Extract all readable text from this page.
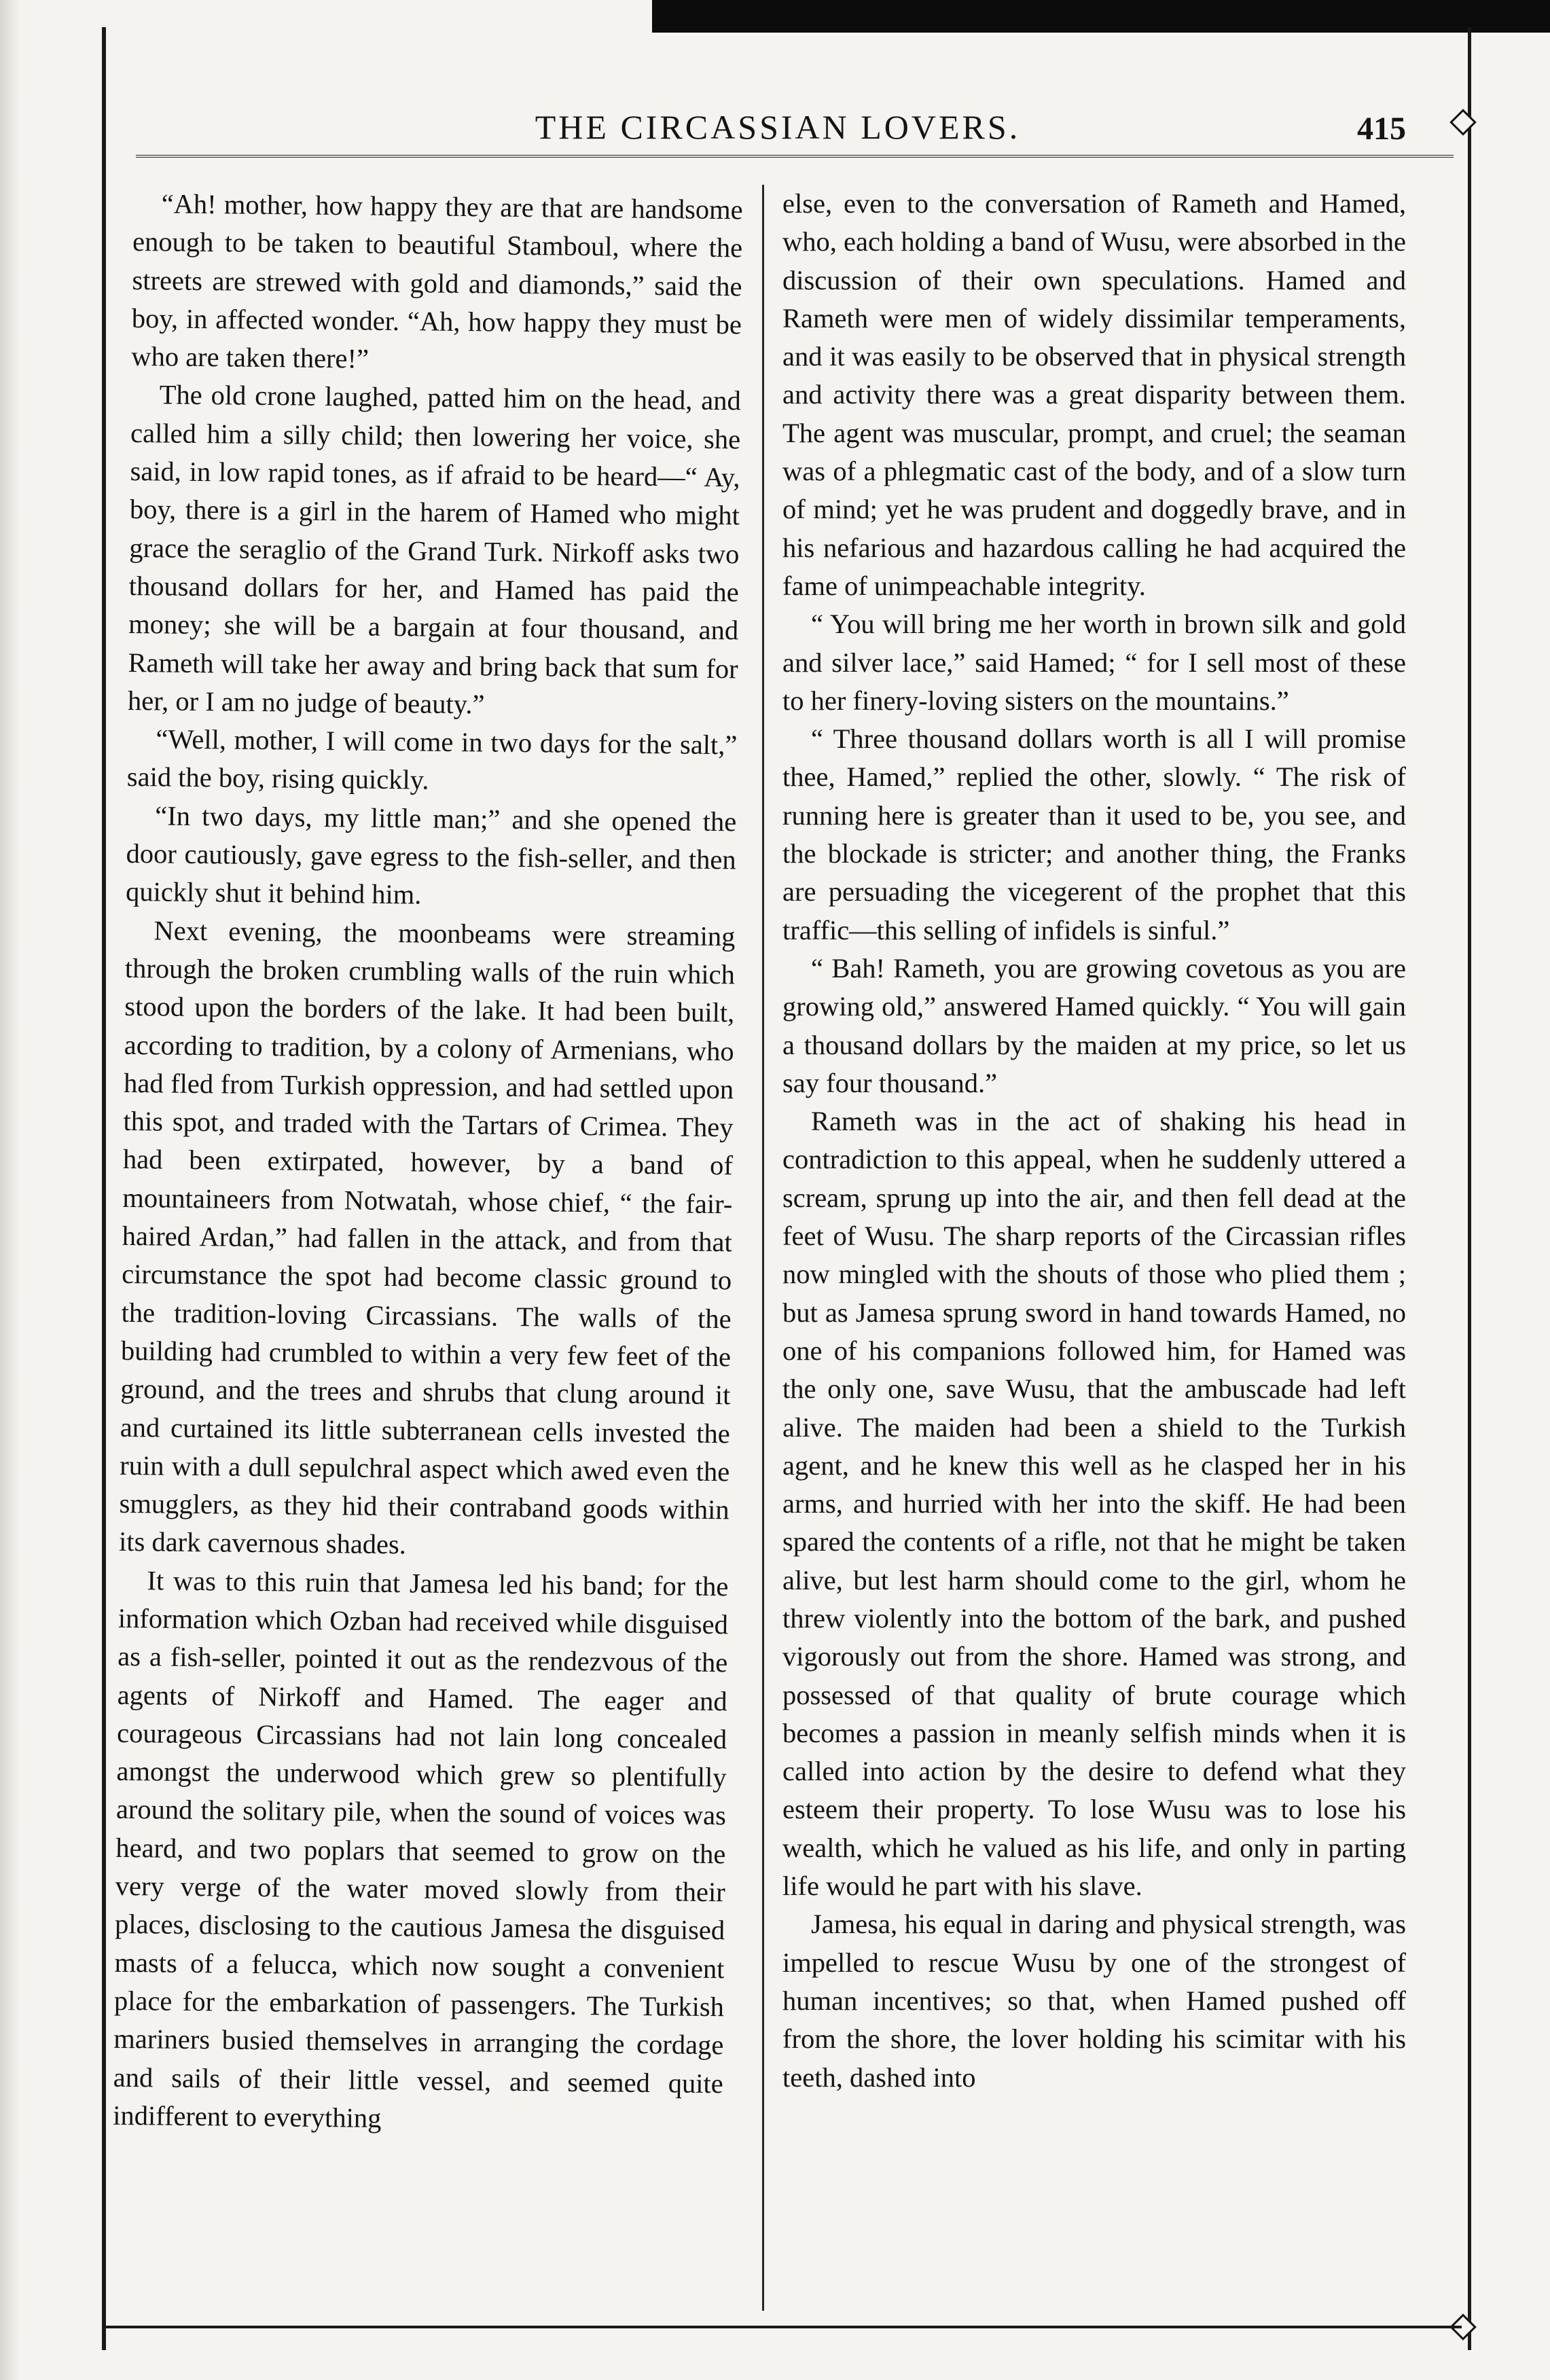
THE CIRCASSIAN LOVERS.	415

“Ah! mother, how happy they are that are handsome enough to be taken to beautiful Stamboul, where the streets are strewed with gold and diamonds,” said the boy, in affected wonder. “Ah, how happy they must be who are taken there!”

The old crone laughed, patted him on the head, and called him a silly child; then lowering her voice, she said, in low rapid tones, as if afraid to be heard—“ Ay, boy, there is a girl in the harem of Hamed who might grace the seraglio of the Grand Turk. Nirkoff asks two thousand dollars for her, and Hamed has paid the money; she will be a bargain at four thousand, and Rameth will take her away and bring back that sum for her, or I am no judge of beauty.”

“Well, mother, I will come in two days for the salt,” said the boy, rising quickly.

“In two days, my little man;” and she opened the door cautiously, gave egress to the fish-seller, and then quickly shut it behind him.

Next evening, the moonbeams were streaming through the broken crumbling walls of the ruin which stood upon the borders of the lake. It had been built, according to tradition, by a colony of Armenians, who had fled from Turkish oppression, and had settled upon this spot, and traded with the Tartars of Crimea. They had been extirpated, however, by a band of mountaineers from Notwatah, whose chief, “ the fair-haired Ardan,” had fallen in the attack, and from that circumstance the spot had become classic ground to the tradition-loving Circassians. The walls of the building had crumbled to within a very few feet of the ground, and the trees and shrubs that clung around it and curtained its little subterranean cells invested the ruin with a dull sepulchral aspect which awed even the smugglers, as they hid their contraband goods within its dark cavernous shades.

It was to this ruin that Jamesa led his band; for the information which Ozban had received while disguised as a fish-seller, pointed it out as the rendezvous of the agents of Nirkoff and Hamed. The eager and courageous Circassians had not lain long concealed amongst the underwood which grew so plentifully around the solitary pile, when the sound of voices was heard, and two poplars that seemed to grow on the very verge of the water moved slowly from their places, disclosing to the cautious Jamesa the disguised masts of a felucca, which now sought a convenient place for the embarkation of passengers. The Turkish mariners busied themselves in arranging the cordage and sails of their little vessel, and seemed quite indifferent to everything

else, even to the conversation of Rameth and Hamed, who, each holding a band of Wusu, were absorbed in the discussion of their own speculations. Hamed and Rameth were men of widely dissimilar temperaments, and it was easily to be observed that in physical strength and activity there was a great disparity between them. The agent was muscular, prompt, and cruel; the seaman was of a phlegmatic cast of the body, and of a slow turn of mind; yet he was prudent and doggedly brave, and in his nefarious and hazardous calling he had acquired the fame of unimpeachable integrity.

“ You will bring me her worth in brown silk and gold and silver lace,” said Hamed; “ for I sell most of these to her finery-loving sisters on the mountains.”

“ Three thousand dollars worth is all I will promise thee, Hamed,” replied the other, slowly. “ The risk of running here is greater than it used to be, you see, and the blockade is stricter; and another thing, the Franks are persuading the vicegerent of the prophet that this traffic—this selling of infidels is sinful.”

“ Bah! Rameth, you are growing covetous as you are growing old,” answered Hamed quickly. “ You will gain a thousand dollars by the maiden at my price, so let us say four thousand.”

Rameth was in the act of shaking his head in contradiction to this appeal, when he suddenly uttered a scream, sprung up into the air, and then fell dead at the feet of Wusu. The sharp reports of the Circassian rifles now mingled with the shouts of those who plied them ; but as Jamesa sprung sword in hand towards Hamed, no one of his companions followed him, for Hamed was the only one, save Wusu, that the ambuscade had left alive. The maiden had been a shield to the Turkish agent, and he knew this well as he clasped her in his arms, and hurried with her into the skiff. He had been spared the contents of a rifle, not that he might be taken alive, but lest harm should come to the girl, whom he threw violently into the bottom of the bark, and pushed vigorously out from the shore. Hamed was strong, and possessed of that quality of brute courage which becomes a passion in meanly selfish minds when it is called into action by the desire to defend what they esteem their property. To lose Wusu was to lose his wealth, which he valued as his life, and only in parting life would he part with his slave.

Jamesa, his equal in daring and physical strength, was impelled to rescue Wusu by one of the strongest of human incentives; so that, when Hamed pushed off from the shore, the lover holding his scimitar with his teeth, dashed into
